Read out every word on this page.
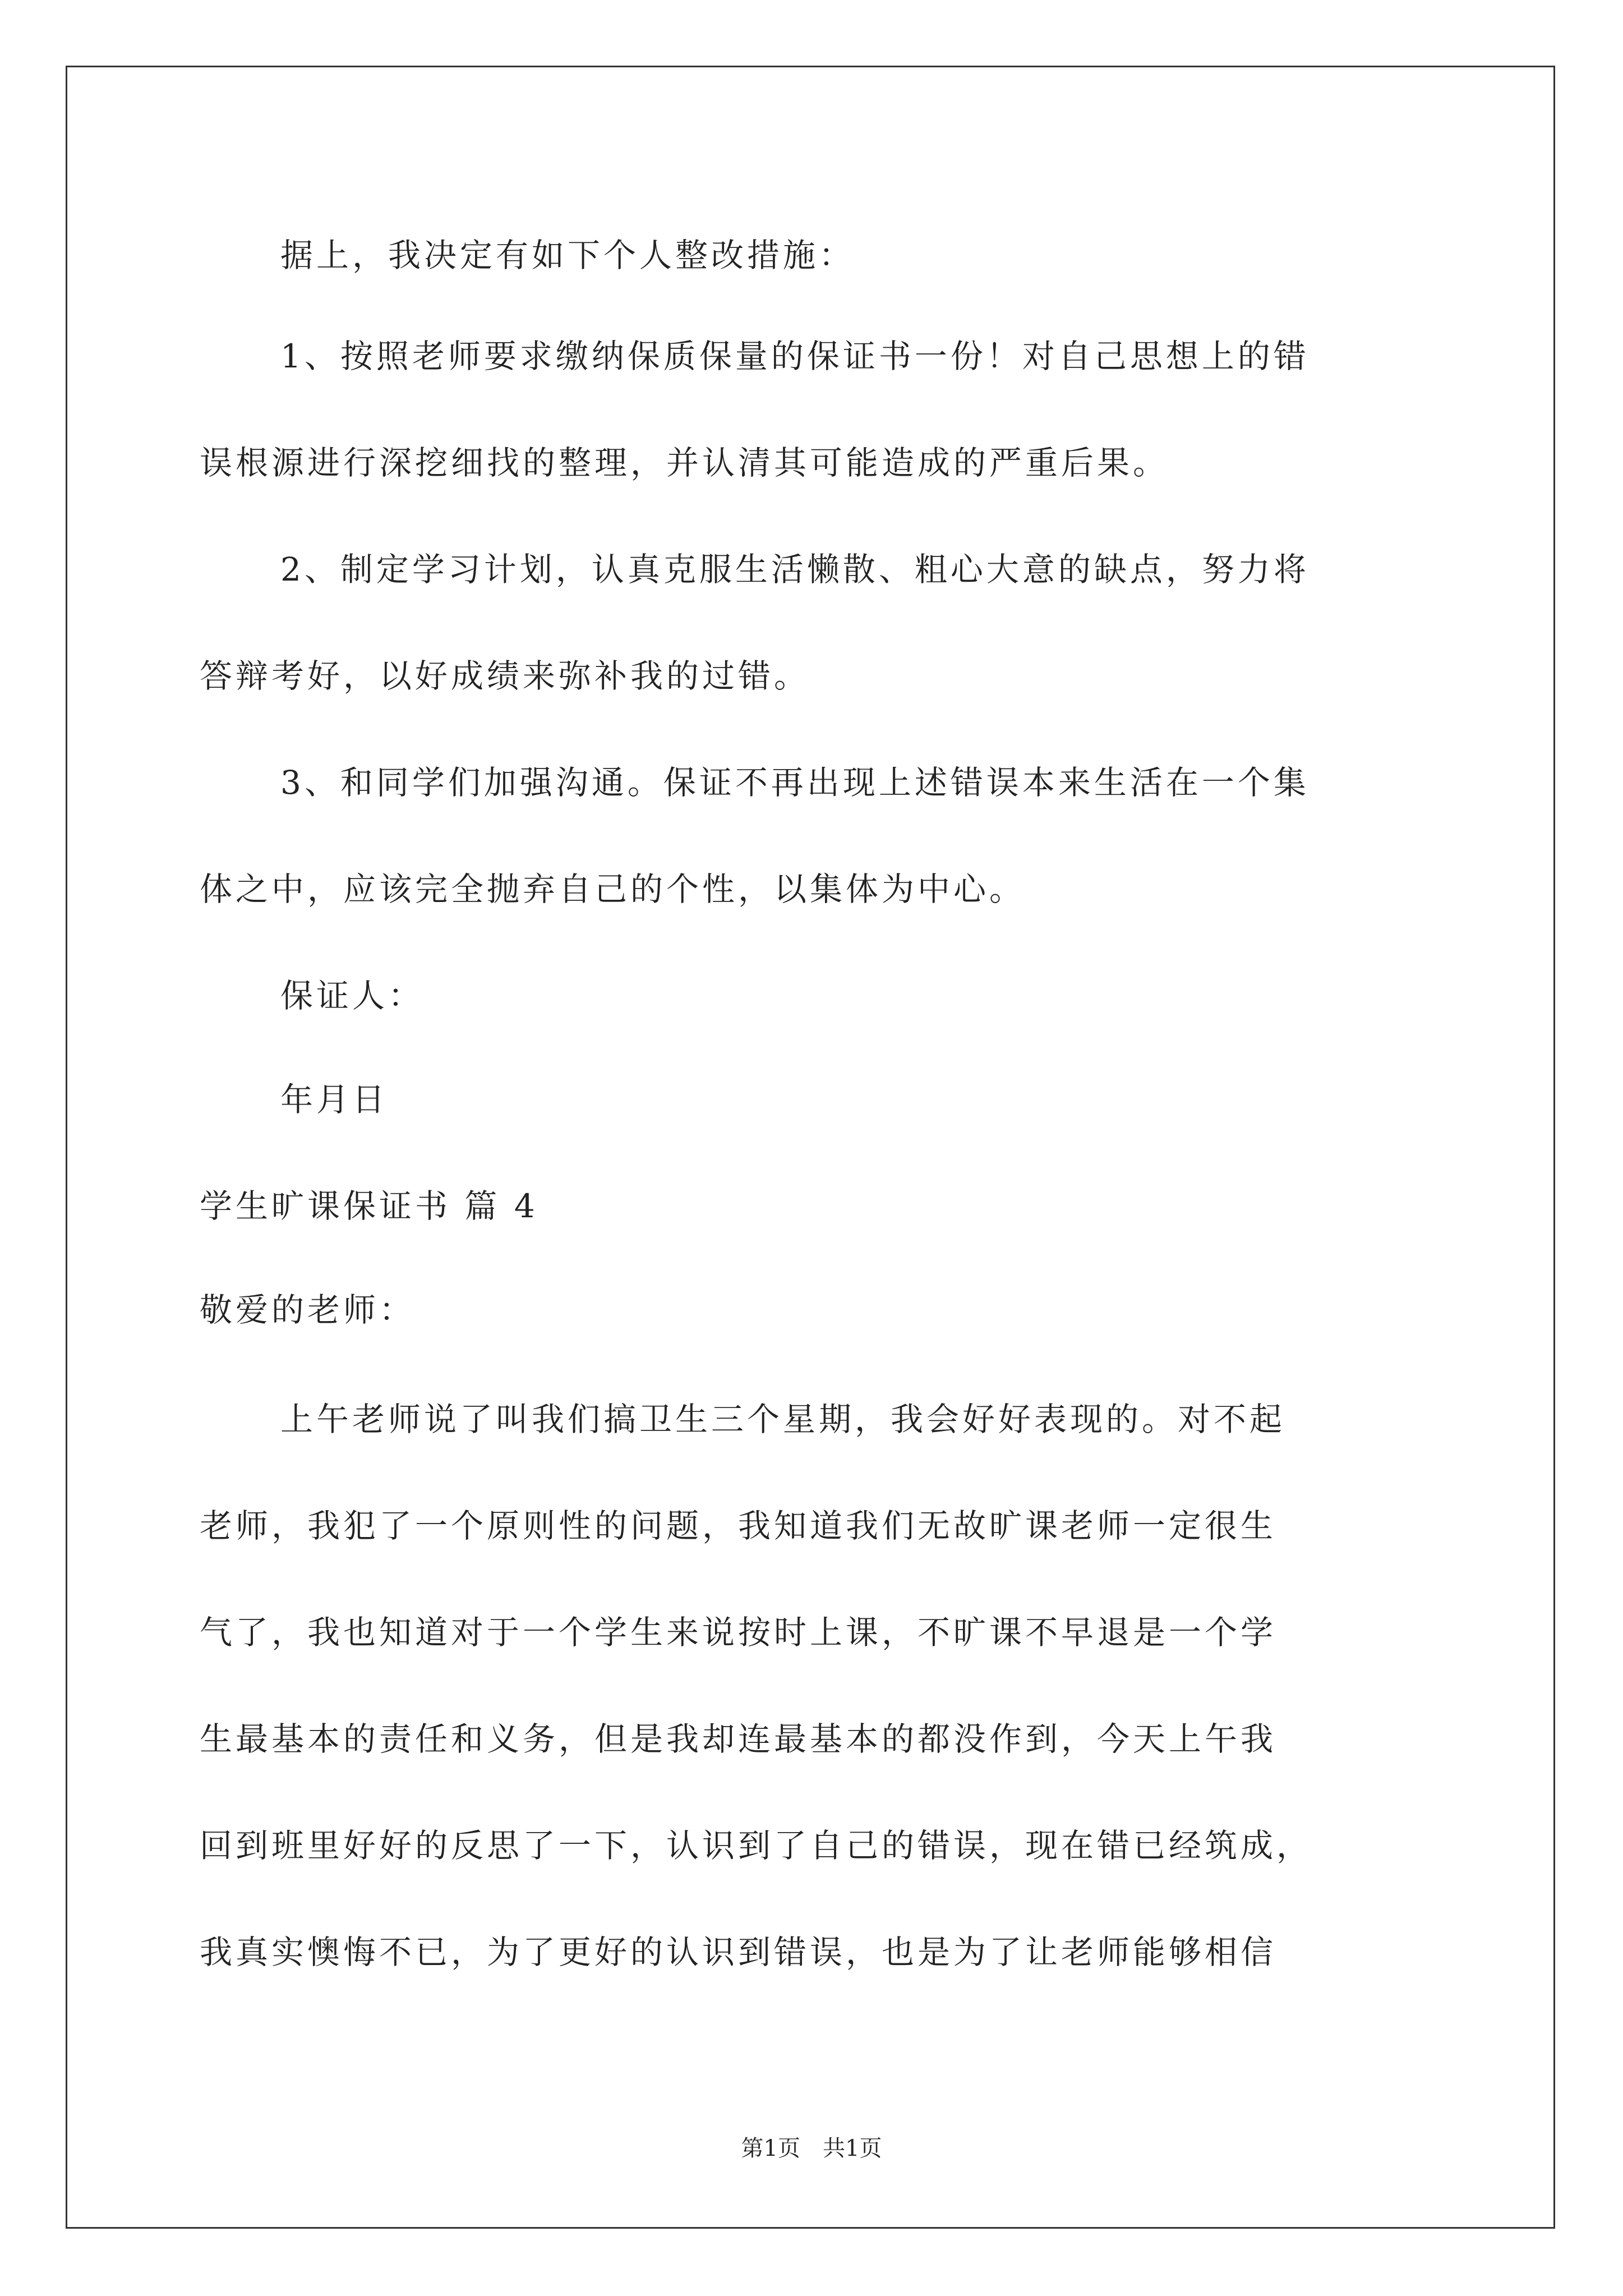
据上，我决定有如下个人整改措施：
1、按照老师要求缴纳保质保量的保证书一份！对自己思想上的错
误根源进行深挖细找的整理，并认清其可能造成的严重后果。
2、制定学习计划，认真克服生活懒散、粗心大意的缺点，努力将
答辩考好，以好成绩来弥补我的过错。
3、和同学们加强沟通。保证不再出现上述错误本来生活在一个集
体之中，应该完全抛弃自己的个性，以集体为中心。
保证人：
年月日
学生旷课保证书 篇 4
敬爱的老师：
上午老师说了叫我们搞卫生三个星期，我会好好表现的。对不起
老师，我犯了一个原则性的问题，我知道我们无故旷课老师一定很生
气了，我也知道对于一个学生来说按时上课，不旷课不早退是一个学
生最基本的责任和义务，但是我却连最基本的都没作到，今天上午我
回到班里好好的反思了一下，认识到了自己的错误，现在错已经筑成，
我真实懊悔不已，为了更好的认识到错误，也是为了让老师能够相信
第1页 共1页
